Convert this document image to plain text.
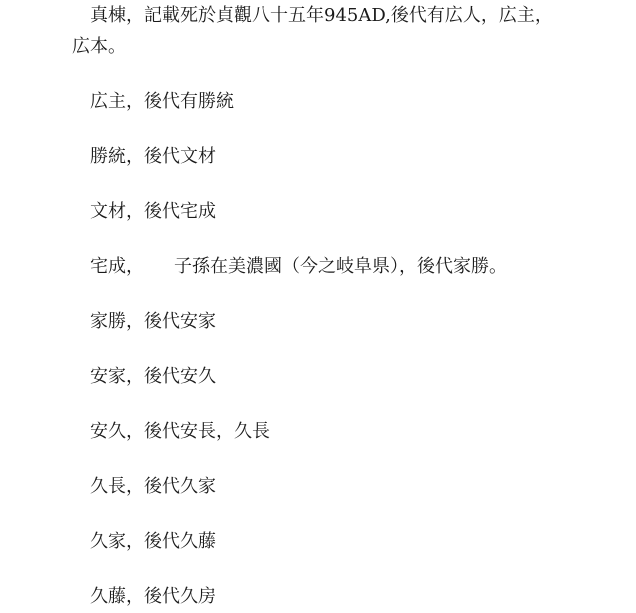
真棟，記載死於貞觀八十五年945AD,後代有広人，広主，
広本。
広主，後代有勝統
勝統，後代文材
文材，後代宅成
宅成， 子孫在美濃國（今之岐阜県），後代家勝。
家勝，後代安家
安家，後代安久
安久，後代安長，久長
久長，後代久家
久家，後代久藤
久藤，後代久房
